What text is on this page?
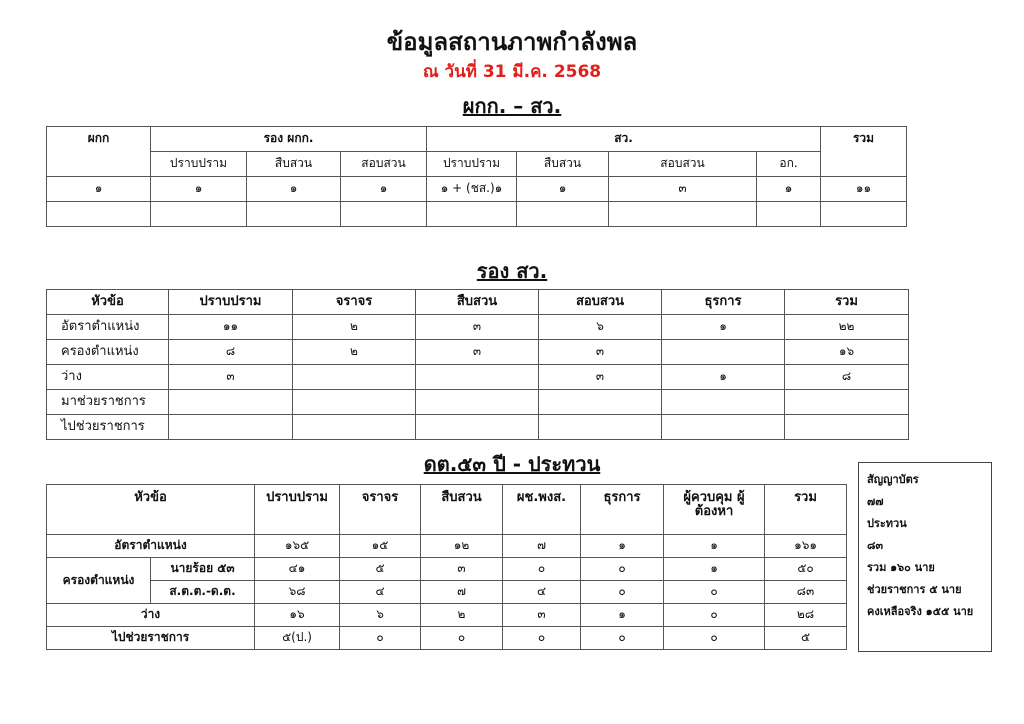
ข้อมูลสถานภาพกำลังพล
ณ วันที่ 31 มี.ค. 2568
ผกก. – สว.
ผกก	รอง ผกก.			สว.				รวม
	ปราบปราม	สืบสวน	สอบสวน	ปราบปราม	สืบสวน	สอบสวน	อก.	
๑	๑	๑	๑	๑ + (ชส.)๑	๑	๓	๑	๑๑

รอง สว.
หัวข้อ	ปราบปราม	จราจร	สืบสวน	สอบสวน	ธุรการ	รวม
อัตราตำแหน่ง	๑๑	๒	๓	๖	๑	๒๒
ครองตำแหน่ง	๘	๒	๓	๓		๑๖
ว่าง	๓			๓	๑	๘
มาช่วยราชการ						
ไปช่วยราชการ						
ดต.๕๓ ปี - ประทวน
หัวข้อ		ปราบปราม	จราจร	สืบสวน	ผช.พงส.	ธุรการ	ผู้ควบคุม ผู้ต้องหา	รวม
อัตราตำแหน่ง		๑๖๕	๑๕	๑๒	๗	๑	๑	๑๖๑
ครองตำแหน่ง	นายร้อย ๕๓	๔๑	๕	๓	๐	๐	๑	๕๐
	ส.ต.ต.-ด.ต.	๖๘	๔	๗	๔	๐	๐	๘๓
ว่าง		๑๖	๖	๒	๓	๑	๐	๒๘
ไปช่วยราชการ		๕(ป.)	๐	๐	๐	๐	๐	๕
สัญญาบัตร
๗๗
ประทวน
๘๓
รวม ๑๖๐ นาย
ช่วยราชการ ๕ นาย
คงเหลือจริง ๑๕๕ นาย
